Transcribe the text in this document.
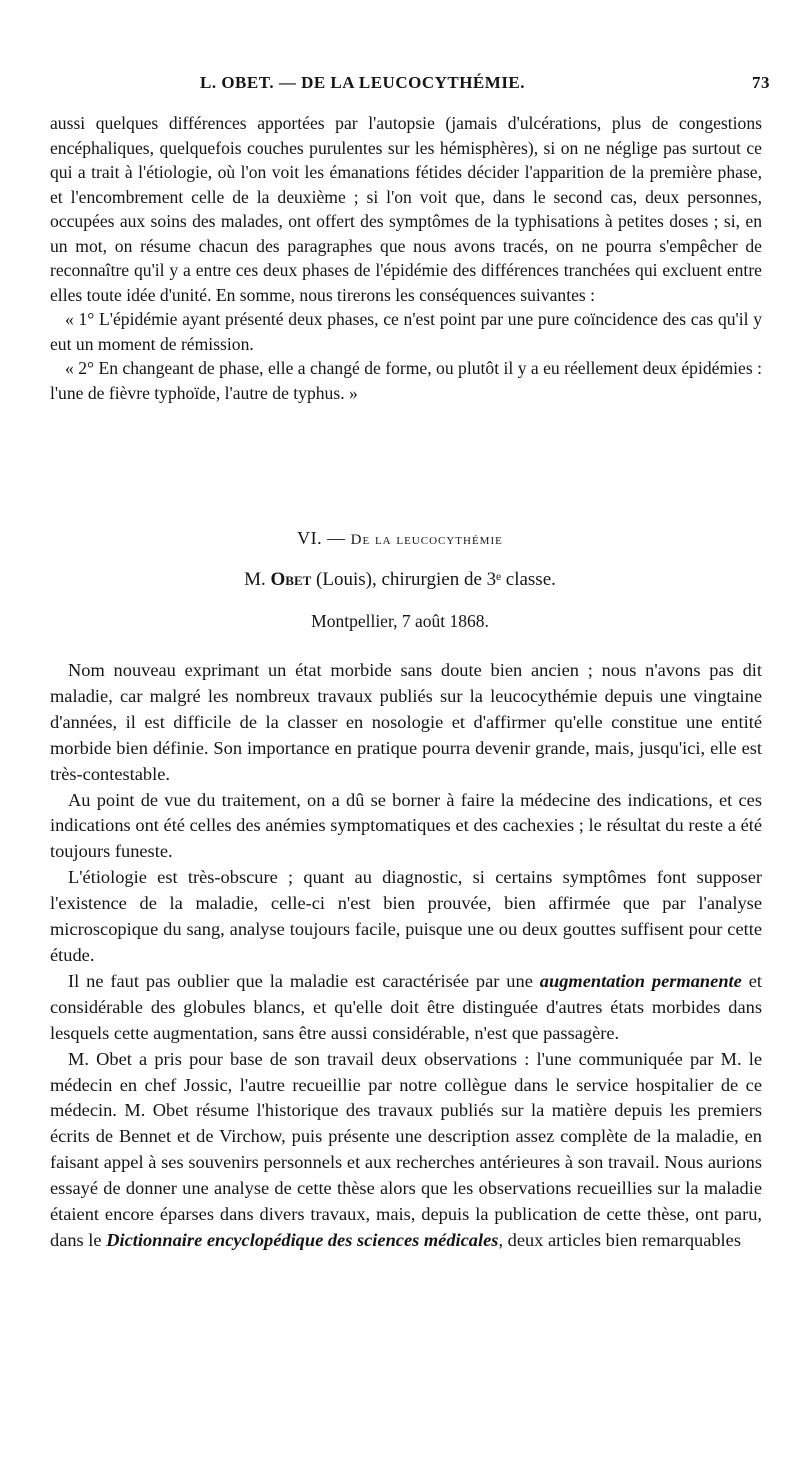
L. OBET. — DE LA LEUCOCYTHÉMIE.	73
aussi quelques différences apportées par l'autopsie (jamais d'ulcérations, plus de congestions encéphaliques, quelquefois couches purulentes sur les hémisphères), si on ne néglige pas surtout ce qui a trait à l'étiologie, où l'on voit les émanations fétides décider l'apparition de la première phase, et l'encombrement celle de la deuxième ; si l'on voit que, dans le second cas, deux personnes, occupées aux soins des malades, ont offert des symptômes de la typhisations à petites doses ; si, en un mot, on résume chacun des paragraphes que nous avons tracés, on ne pourra s'empêcher de reconnaître qu'il y a entre ces deux phases de l'épidémie des différences tranchées qui excluent entre elles toute idée d'unité. En somme, nous tirerons les conséquences suivantes :
« 1° L'épidémie ayant présenté deux phases, ce n'est point par une pure coïncidence des cas qu'il y eut un moment de rémission.
« 2° En changeant de phase, elle a changé de forme, ou plutôt il y a eu réellement deux épidémies : l'une de fièvre typhoïde, l'autre de typhus. »
VI. — De la leucocythémie
M. Obet (Louis), chirurgien de 3ᵉ classe.
Montpellier, 7 août 1868.

Nom nouveau exprimant un état morbide sans doute bien ancien ; nous n'avons pas dit maladie, car malgré les nombreux travaux publiés sur la leucocythémie depuis une vingtaine d'années, il est difficile de la classer en nosologie et d'affirmer qu'elle constitue une entité morbide bien définie. Son importance en pratique pourra devenir grande, mais, jusqu'ici, elle est très-contestable.

Au point de vue du traitement, on a dû se borner à faire la médecine des indications, et ces indications ont été celles des anémies symptomatiques et des cachexies ; le résultat du reste a été toujours funeste.

L'étiologie est très-obscure ; quant au diagnostic, si certains symptômes font supposer l'existence de la maladie, celle-ci n'est bien prouvée, bien affirmée que par l'analyse microscopique du sang, analyse toujours facile, puisque une ou deux gouttes suffisent pour cette étude.

Il ne faut pas oublier que la maladie est caractérisée par une augmentation permanente et considérable des globules blancs, et qu'elle doit être distinguée d'autres états morbides dans lesquels cette augmentation, sans être aussi considérable, n'est que passagère.

M. Obet a pris pour base de son travail deux observations : l'une communiquée par M. le médecin en chef Jossic, l'autre recueillie par notre collègue dans le service hospitalier de ce médecin. M. Obet résume l'historique des travaux publiés sur la matière depuis les premiers écrits de Bennet et de Virchow, puis présente une description assez complète de la maladie, en faisant appel à ses souvenirs personnels et aux recherches antérieures à son travail. Nous aurions essayé de donner une analyse de cette thèse alors que les observations recueillies sur la maladie étaient encore éparses dans divers travaux, mais, depuis la publication de cette thèse, ont paru, dans le Dictionnaire encyclopédique des sciences médicales, deux articles bien remarquables
